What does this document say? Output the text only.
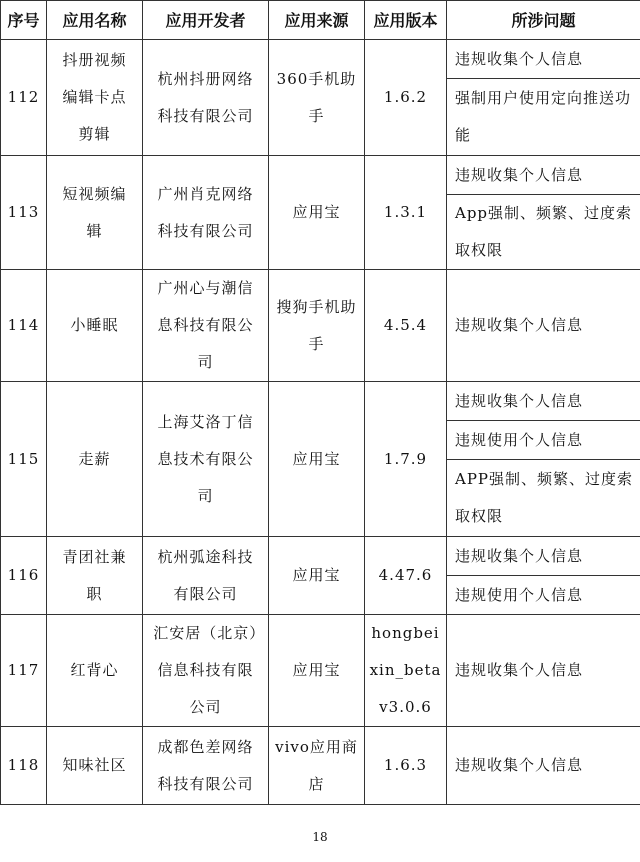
序号	应用名称	应用开发者	应用来源	应用版本	所涉问题
112	抖册视频编辑卡点剪辑	杭州抖册网络科技有限公司	360手机助手	1.6.2	违规收集个人信息
					强制用户使用定向推送功能
113	短视频编辑	广州肖克网络科技有限公司	应用宝	1.3.1	违规收集个人信息
					App强制、频繁、过度索取权限
114	小睡眠	广州心与潮信息科技有限公司	搜狗手机助手	4.5.4	违规收集个人信息
115	走薪	上海艾洛丁信息技术有限公司	应用宝	1.7.9	违规收集个人信息
					违规使用个人信息
					APP强制、频繁、过度索取权限
116	青团社兼职	杭州弧途科技有限公司	应用宝	4.47.6	违规收集个人信息
					违规使用个人信息
117	红背心	汇安居（北京）信息科技有限公司	应用宝	hongbeixin_betav3.0.6	违规收集个人信息
118	知味社区	成都色差网络科技有限公司	vivo应用商店	1.6.3	违规收集个人信息
18
